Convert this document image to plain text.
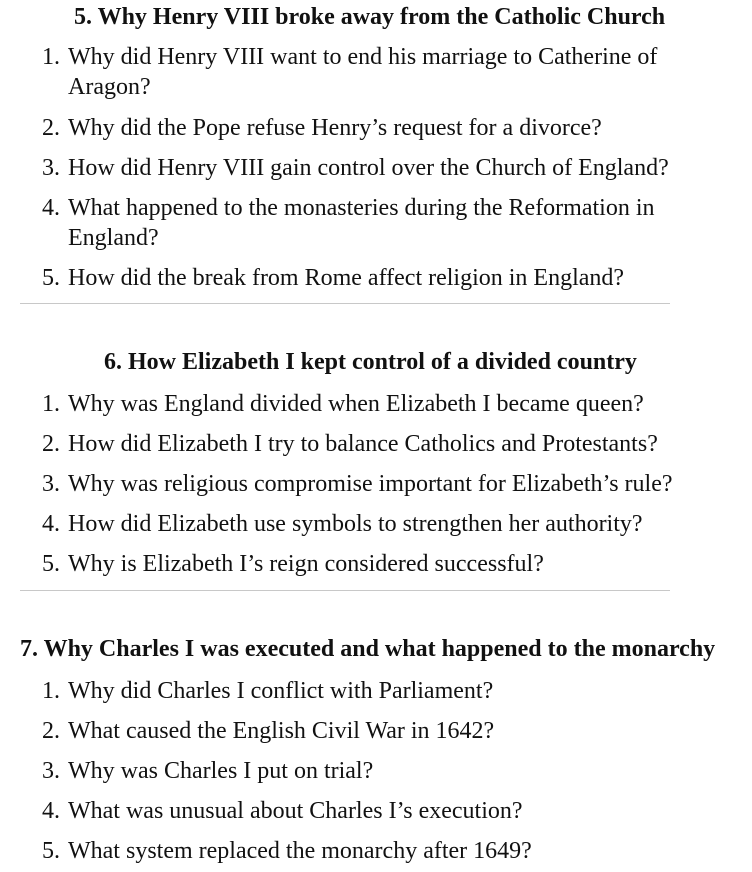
5. Why Henry VIII broke away from the Catholic Church
1. Why did Henry VIII want to end his marriage to Catherine of Aragon?
2. Why did the Pope refuse Henry’s request for a divorce?
3. How did Henry VIII gain control over the Church of England?
4. What happened to the monasteries during the Reformation in England?
5. How did the break from Rome affect religion in England?
6. How Elizabeth I kept control of a divided country
1. Why was England divided when Elizabeth I became queen?
2. How did Elizabeth I try to balance Catholics and Protestants?
3. Why was religious compromise important for Elizabeth’s rule?
4. How did Elizabeth use symbols to strengthen her authority?
5. Why is Elizabeth I’s reign considered successful?
7. Why Charles I was executed and what happened to the monarchy
1. Why did Charles I conflict with Parliament?
2. What caused the English Civil War in 1642?
3. Why was Charles I put on trial?
4. What was unusual about Charles I’s execution?
5. What system replaced the monarchy after 1649?
